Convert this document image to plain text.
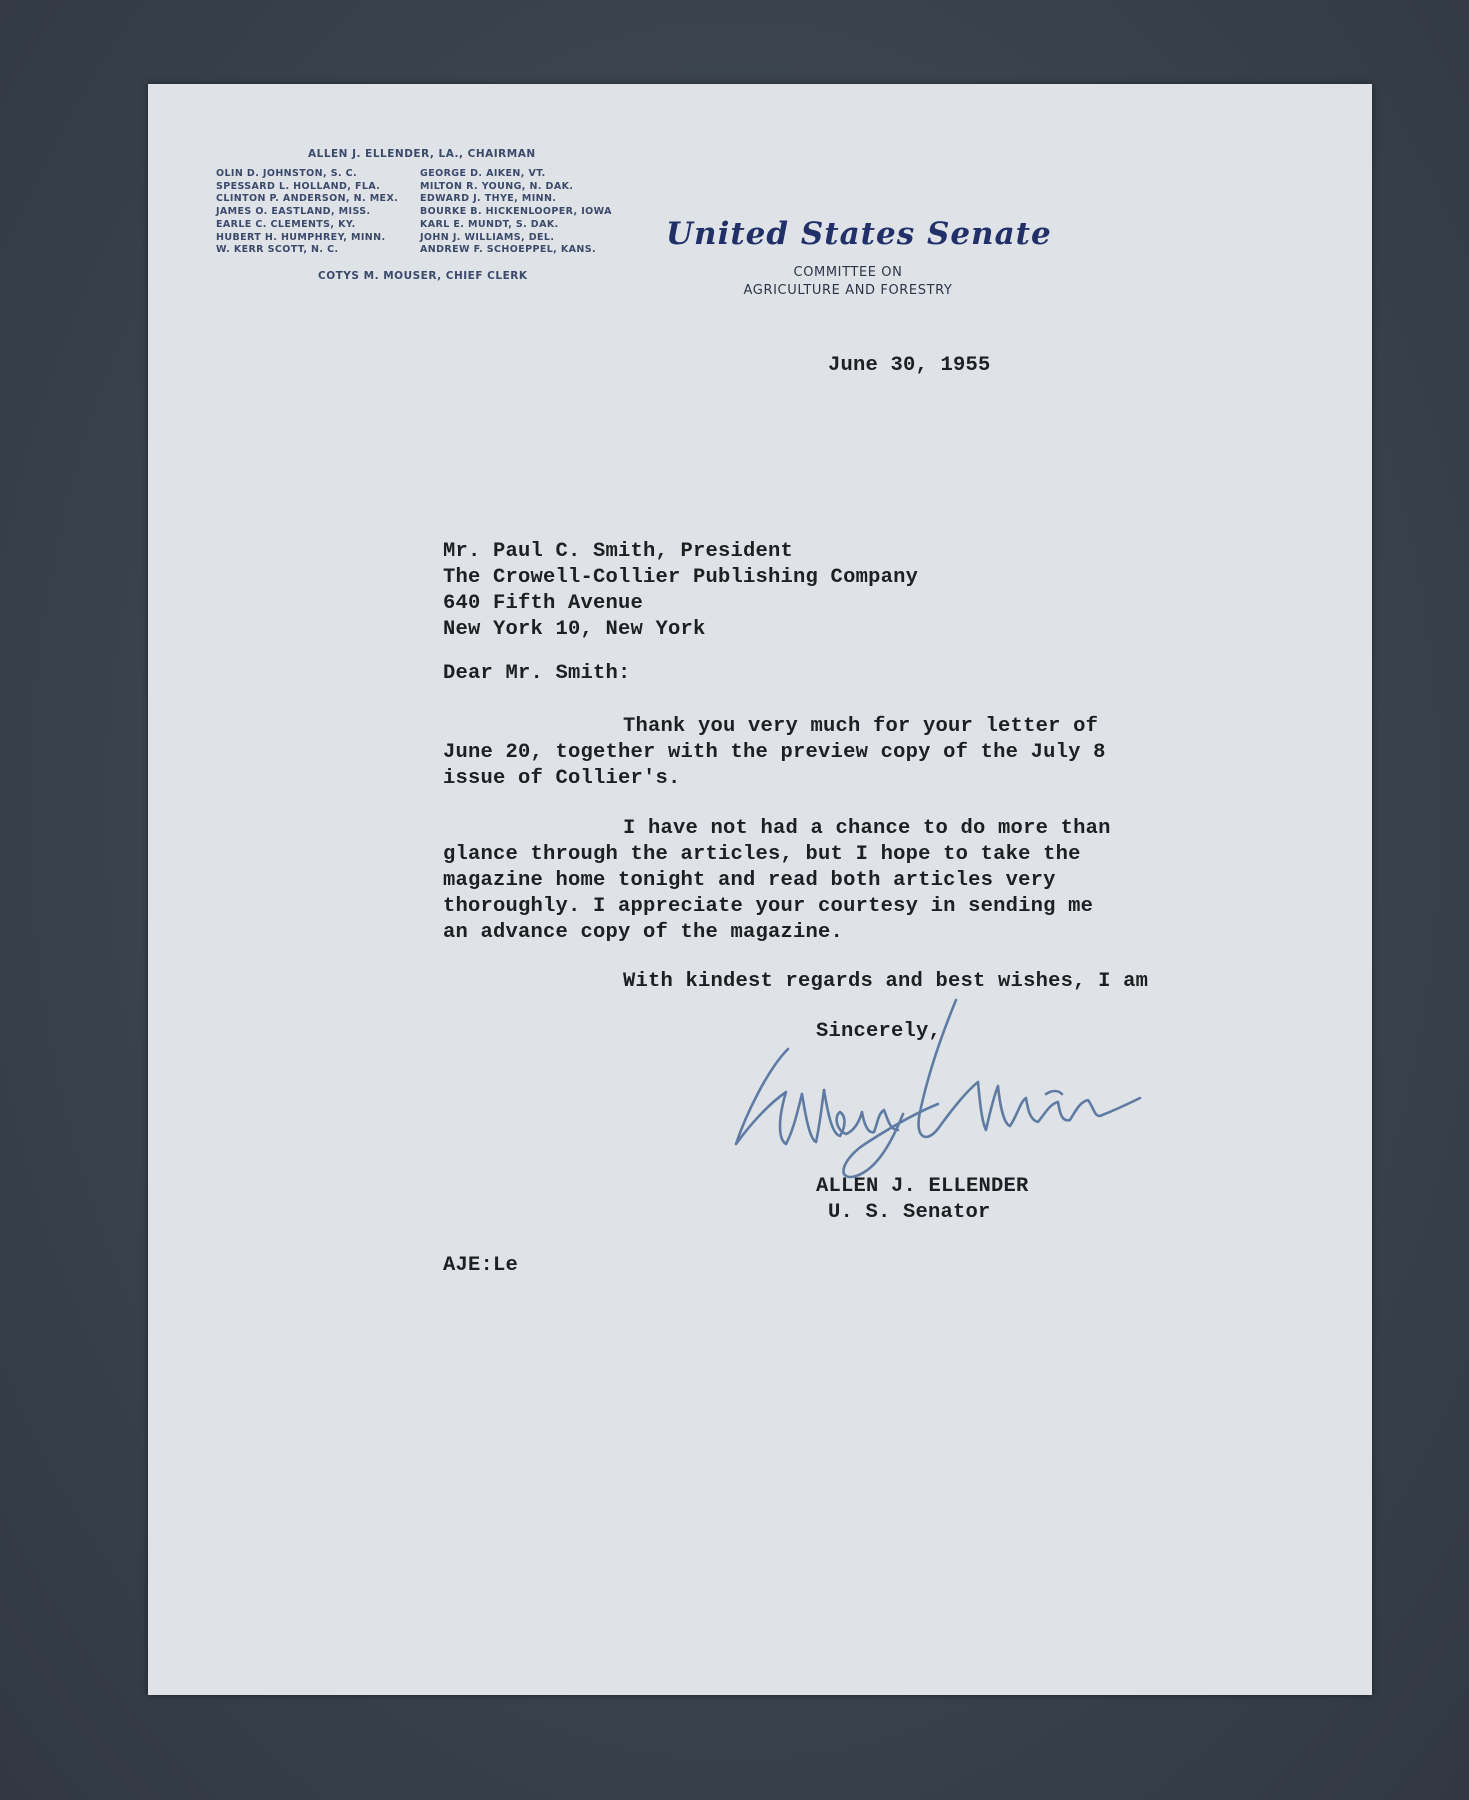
ALLEN J. ELLENDER, LA., CHAIRMAN
OLIN D. JOHNSTON, S. C.
SPESSARD L. HOLLAND, FLA.
CLINTON P. ANDERSON, N. MEX.
JAMES O. EASTLAND, MISS.
EARLE C. CLEMENTS, KY.
HUBERT H. HUMPHREY, MINN.
W. KERR SCOTT, N. C.
GEORGE D. AIKEN, VT.
MILTON R. YOUNG, N. DAK.
EDWARD J. THYE, MINN.
BOURKE B. HICKENLOOPER, IOWA
KARL E. MUNDT, S. DAK.
JOHN J. WILLIAMS, DEL.
ANDREW F. SCHOEPPEL, KANS.
COTYS M. MOUSER, CHIEF CLERK
United States Senate
COMMITTEE ON
AGRICULTURE AND FORESTRY
June 30, 1955
Mr. Paul C. Smith, President
The Crowell-Collier Publishing Company
640 Fifth Avenue
New York 10, New York
Dear Mr. Smith:
Thank you very much for your letter of
June 20, together with the preview copy of the July 8
issue of Collier's.
I have not had a chance to do more than
glance through the articles, but I hope to take the
magazine home tonight and read both articles very
thoroughly. I appreciate your courtesy in sending me
an advance copy of the magazine.
With kindest regards and best wishes, I am
Sincerely,
ALLEN J. ELLENDER
U. S. Senator
AJE:Le
